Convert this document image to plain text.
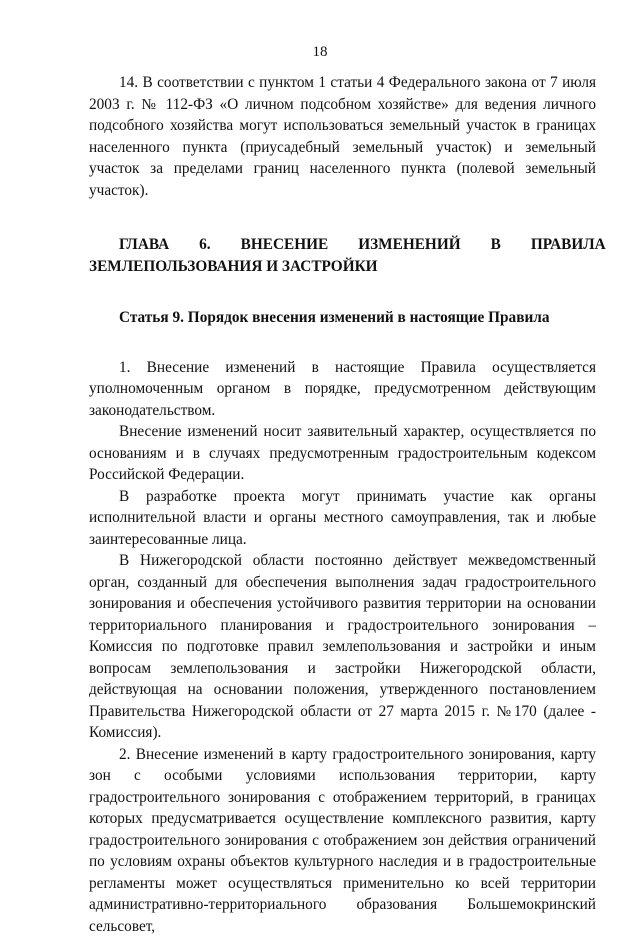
18

14. В соответствии с пунктом 1 статьи 4 Федерального закона от 7 июля 2003 г. № 112-ФЗ «О личном подсобном хозяйстве» для ведения личного подсобного хозяйства могут использоваться земельный участок в границах населенного пункта (приусадебный земельный участок) и земельный участок за пределами границ населенного пункта (полевой земельный участок).

ГЛАВА	6.	ВНЕСЕНИЕ	ИЗМЕНЕНИЙ	В	ПРАВИЛА
ЗЕМЛЕПОЛЬЗОВАНИЯ И ЗАСТРОЙКИ
Статья 9. Порядок внесения изменений в настоящие Правила

1. Внесение изменений в настоящие Правила осуществляется уполномоченным органом в порядке, предусмотренном действующим законодательством.

Внесение изменений носит заявительный характер, осуществляется по основаниям и в случаях предусмотренным градостроительным кодексом Российской Федерации.

В разработке проекта могут принимать участие как органы исполнительной власти и органы местного самоуправления, так и любые заинтересованные лица.

В Нижегородской области постоянно действует межведомственный орган, созданный для обеспечения выполнения задач градостроительного зонирования и обеспечения устойчивого развития территории на основании территориального планирования и градостроительного зонирования – Комиссия по подготовке правил землепользования и застройки и иным вопросам землепользования и застройки Нижегородской области, действующая на основании положения, утвержденного постановлением Правительства Нижегородской области от 27 марта 2015 г. №170 (далее - Комиссия).

2. Внесение изменений в карту градостроительного зонирования, карту зон с особыми условиями использования территории, карту градостроительного зонирования с отображением территорий, в границах которых предусматривается осуществление комплексного развития, карту градостроительного зонирования с отображением зон действия ограничений по условиям охраны объектов культурного наследия и в градостроительные регламенты может осуществляться применительно ко всей территории административно-территориального образования Большемокринский сельсовет,
